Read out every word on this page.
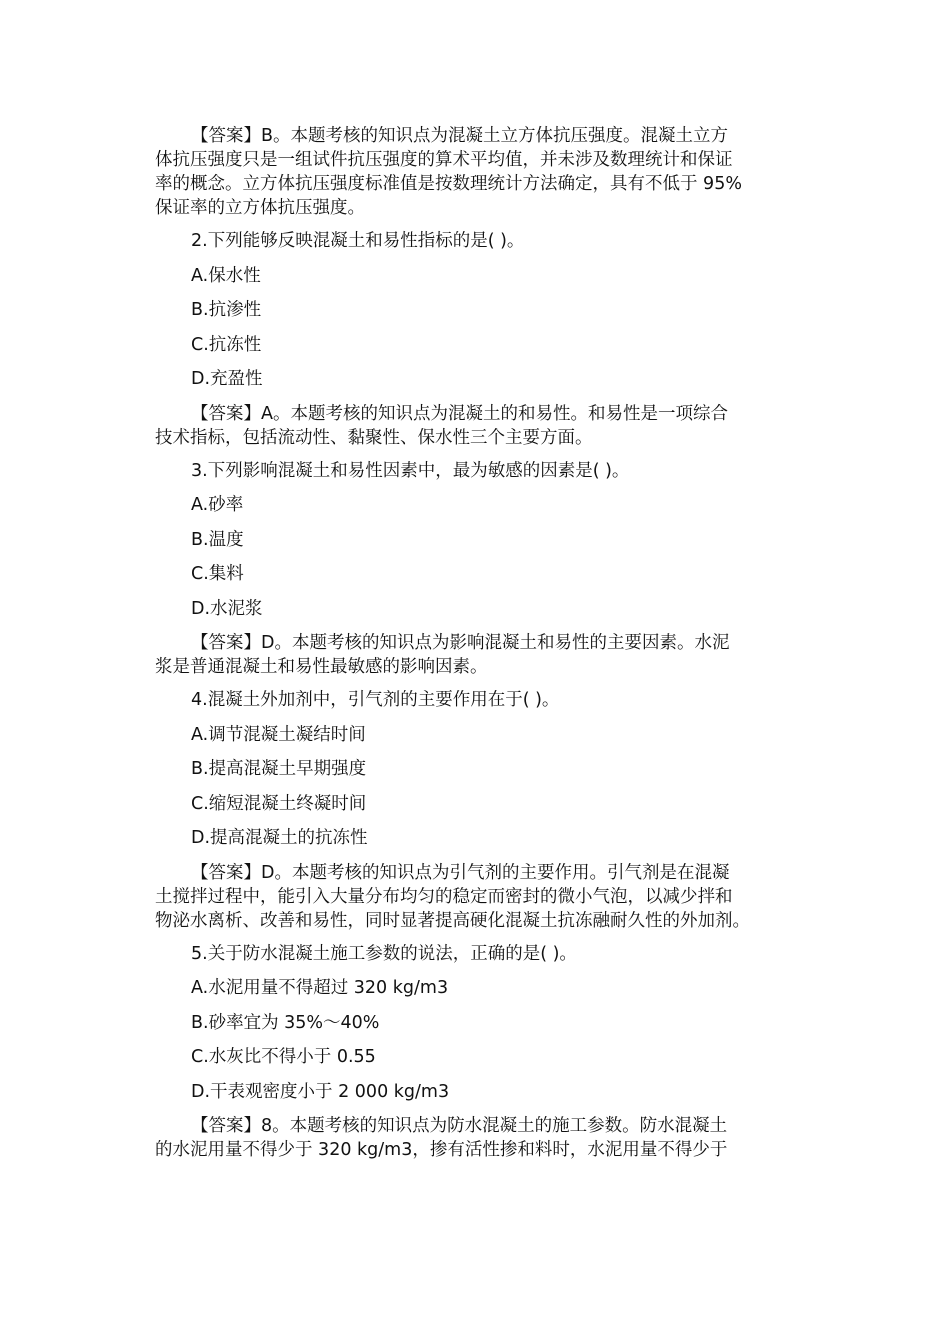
【答案】B。本题考核的知识点为混凝土立方体抗压强度。混凝土立方
体抗压强度只是一组试件抗压强度的算术平均值，并未涉及数理统计和保证
率的概念。立方体抗压强度标准值是按数理统计方法确定，具有不低于 95%
保证率的立方体抗压强度。
2.下列能够反映混凝土和易性指标的是( )。
A.保水性
B.抗渗性
C.抗冻性
D.充盈性
【答案】A。本题考核的知识点为混凝土的和易性。和易性是一项综合
技术指标，包括流动性、黏聚性、保水性三个主要方面。
3.下列影响混凝土和易性因素中，最为敏感的因素是( )。
A.砂率
B.温度
C.集料
D.水泥浆
【答案】D。本题考核的知识点为影响混凝土和易性的主要因素。水泥
浆是普通混凝土和易性最敏感的影响因素。
4.混凝土外加剂中，引气剂的主要作用在于( )。
A.调节混凝土凝结时间
B.提高混凝土早期强度
C.缩短混凝土终凝时间
D.提高混凝土的抗冻性
【答案】D。本题考核的知识点为引气剂的主要作用。引气剂是在混凝
土搅拌过程中，能引入大量分布均匀的稳定而密封的微小气泡，以减少拌和
物泌水离析、改善和易性，同时显著提高硬化混凝土抗冻融耐久性的外加剂。
5.关于防水混凝土施工参数的说法，正确的是( )。
A.水泥用量不得超过 320 kg/m3
B.砂率宜为 35%～40%
C.水灰比不得小于 0.55
D.干表观密度小于 2 000 kg/m3
【答案】8。本题考核的知识点为防水混凝土的施工参数。防水混凝土
的水泥用量不得少于 320 kg/m3，掺有活性掺和料时，水泥用量不得少于
